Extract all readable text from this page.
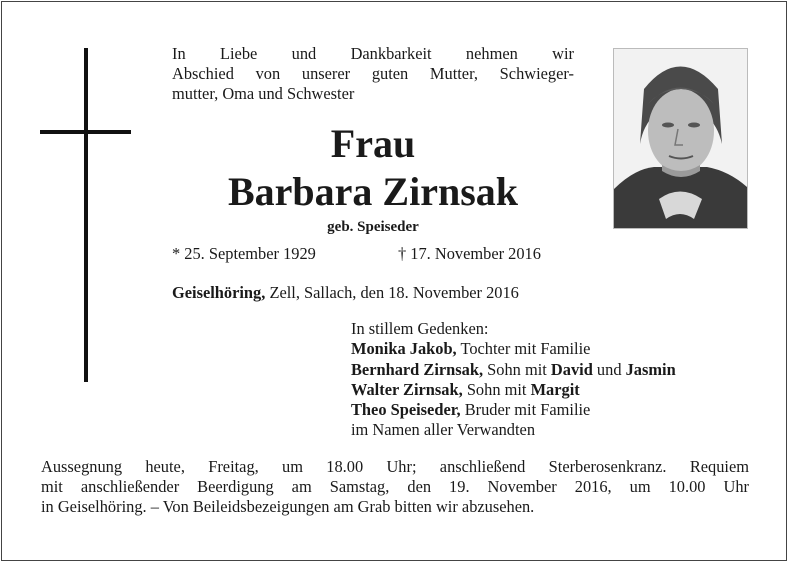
In Liebe und Dankbarkeit nehmen wir
Abschied von unserer guten Mutter, Schwieger-
mutter, Oma und Schwester
Frau
Barbara Zirnsak
geb. Speiseder
* 25. September 1929	† 17. November 2016
Geiselhöring, Zell, Sallach, den 18. November 2016
In stillem Gedenken:
Monika Jakob, Tochter mit Familie
Bernhard Zirnsak, Sohn mit David und Jasmin
Walter Zirnsak, Sohn mit Margit
Theo Speiseder, Bruder mit Familie
im Namen aller Verwandten
Aussegnung heute, Freitag, um 18.00 Uhr; anschließend Sterberosenkranz. Requiem
mit anschließender Beerdigung am Samstag, den 19. November 2016, um 10.00 Uhr
in Geiselhöring. – Von Beileidsbezeigungen am Grab bitten wir abzusehen.
